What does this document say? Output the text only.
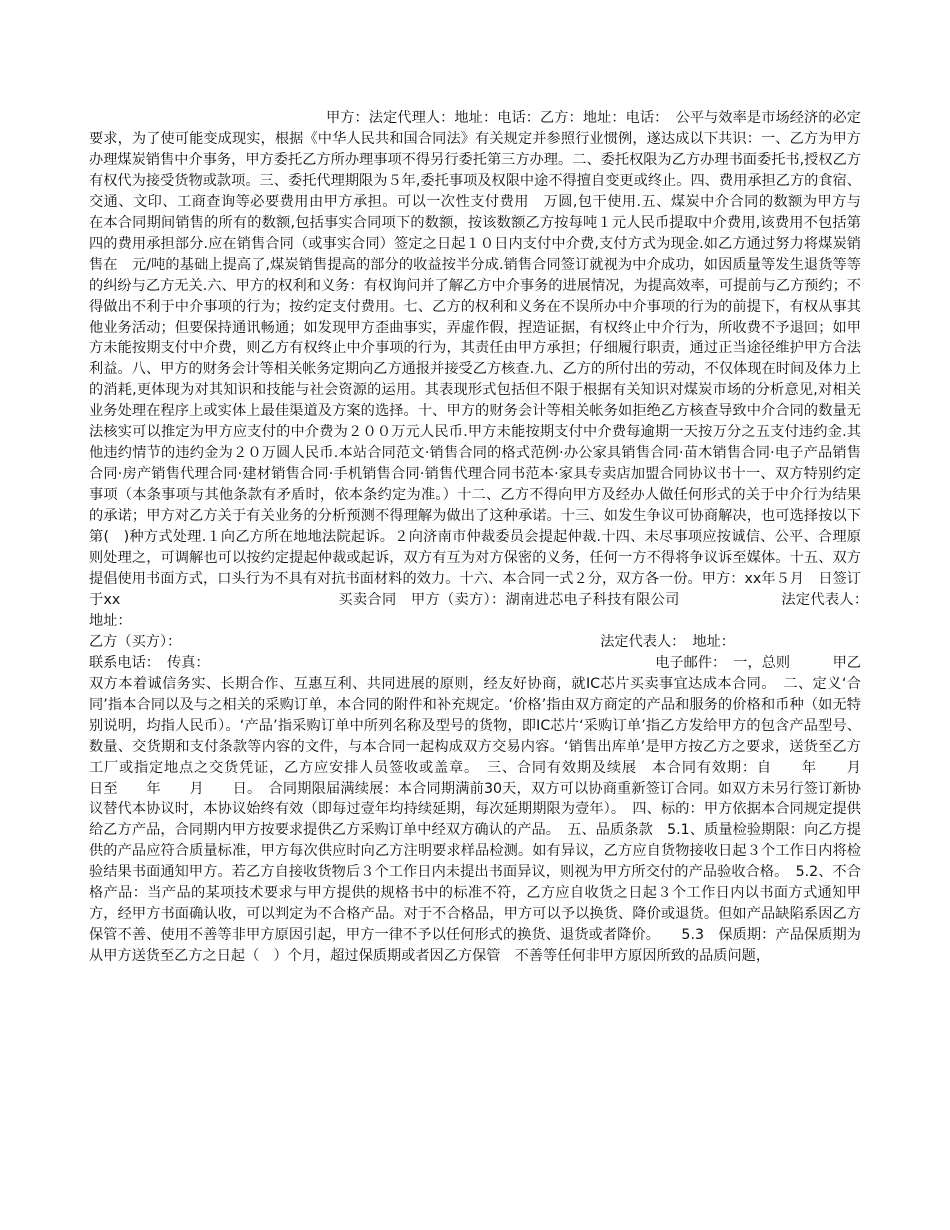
甲方：法定代理人：地址：电话：乙方：地址：电话：　公平与效率是市场经济的必定要求，为了使可能变成现实，根据《中华人民共和国合同法》有关规定并参照行业惯例，遂达成以下共识：一、乙方为甲方办理煤炭销售中介事务，甲方委托乙方所办理事项不得另行委托第三方办理。二、委托权限为乙方办理书面委托书,授权乙方有权代为接受货物或款项。三、委托代理期限为５年,委托事项及权限中途不得擅自变更或终止。四、费用承担乙方的食宿、交通、文印、工商查询等必要费用由甲方承担。可以一次性支付费用　万圆,包干使用.五、煤炭中介合同的数额为甲方与　在本合同期间销售的所有的数额,包括事实合同项下的数额，按该数额乙方按每吨１元人民币提取中介费用,该费用不包括第四的费用承担部分.应在销售合同（或事实合同）签定之日起１０日内支付中介费,支付方式为现金.如乙方通过努力将煤炭销售在　元/吨的基础上提高了,煤炭销售提高的部分的收益按半分成.销售合同签订就视为中介成功，如因质量等发生退货等等的纠纷与乙方无关.六、甲方的权利和义务：有权询问并了解乙方中介事务的进展情况，为提高效率，可提前与乙方预约；不得做出不利于中介事项的行为；按约定支付费用。七、乙方的权利和义务在不误所办中介事项的行为的前提下，有权从事其他业务活动；但要保持通讯畅通；如发现甲方歪曲事实，弄虚作假，捏造证据，有权终止中介行为，所收费不予退回；如甲方未能按期支付中介费，则乙方有权终止中介事项的行为，其责任由甲方承担；仔细履行职责，通过正当途径维护甲方合法利益。八、甲方的财务会计等相关帐务定期向乙方通报并接受乙方核查.九、乙方的所付出的劳动，不仅体现在时间及体力上的消耗,更体现为对其知识和技能与社会资源的运用。其表现形式包括但不限于根据有关知识对煤炭市场的分析意见,对相关业务处理在程序上或实体上最佳渠道及方案的选择。十、甲方的财务会计等相关帐务如拒绝乙方核查导致中介合同的数量无法核实可以推定为甲方应支付的中介费为２００万元人民币.甲方未能按期支付中介费每逾期一天按万分之五支付违约金.其他违约情节的违约金为２０万圆人民币.本站合同范文·销售合同的格式范例·办公家具销售合同·苗木销售合同·电子产品销售合同·房产销售代理合同·建材销售合同·手机销售合同·销售代理合同书范本·家具专卖店加盟合同协议书十一、双方特别约定事项（本条事项与其他条款有矛盾时，依本条约定为准。）十二、乙方不得向甲方及经办人做任何形式的关于中介行为结果的承诺；甲方对乙方关于有关业务的分析预测不得理解为做出了这种承诺。十三、如发生争议可协商解决，也可选择按以下第(　)种方式处理.１向乙方所在地地法院起诉。２向济南市仲裁委员会提起仲裁.十四、未尽事项应按诚信、公平、合理原则处理之，可调解也可以按约定提起仲裁或起诉，双方有互为对方保密的义务，任何一方不得将争议诉至媒体。十五、双方提倡使用书面方式，口头行为不具有对抗书面材料的效力。十六、本合同一式２分，双方各一份。甲方：xx年５月　日签订于xx　　　　　　　　　　　　　　　买卖合同　甲方（卖方）：湖南进芯电子科技有限公司　　　　　　　法定代表人：　　地址：

乙方（买方）：	法定代表人：　地址：
联系电话：　传真：	电子邮件：　一，总则　　　甲乙

双方本着诚信务实、长期合作、互惠互利、共同进展的原则，经友好协商，就IC芯片买卖事宜达成本合同。　二、定义‘合同’指本合同以及与之相关的采购订单，本合同的附件和补充规定。‘价格’指由双方商定的产品和服务的价格和币种（如无特别说明，均指人民币）。‘产品’指采购订单中所列名称及型号的货物，即IC芯片‘采购订单’指乙方发给甲方的包含产品型号、数量、交货期和支付条款等内容的文件，与本合同一起构成双方交易内容。‘销售出库单’是甲方按乙方之要求，送货至乙方工厂或指定地点之交货凭证，乙方应安排人员签收或盖章。　三、合同有效期及续展　本合同有效期：自　　年　　月　　日至　　年　　月　　日。　合同期限届满续展：本合同期满前30天，双方可以协商重新签订合同。如双方未另行签订新协议替代本协议时，本协议始终有效（即每过壹年均持续延期，每次延期期限为壹年）。　四、标的：甲方依据本合同规定提供给乙方产品，合同期内甲方按要求提供乙方采购订单中经双方确认的产品。　五、品质条款　5.1、质量检验期限：向乙方提供的产品应符合质量标准，甲方每次供应时向乙方注明要求样品检测。如有异议，乙方应自货物接收日起３个工作日内将检验结果书面通知甲方。若乙方自接收货物后３个工作日内未提出书面异议，则视为甲方所交付的产品验收合格。　5.2、不合格产品：当产品的某项技术要求与甲方提供的规格书中的标准不符，乙方应自收货之日起３个工作日内以书面方式通知甲方，经甲方书面确认收，可以判定为不合格产品。对于不合格品，甲方可以予以换货、降价或退货。但如产品缺陷系因乙方保管不善、使用不善等非甲方原因引起，甲方一律不予以任何形式的换货、退货或者降价。　　5.3　保质期：产品保质期为从甲方送货至乙方之日起（　）个月，超过保质期或者因乙方保管　不善等任何非甲方原因所致的品质问题，
